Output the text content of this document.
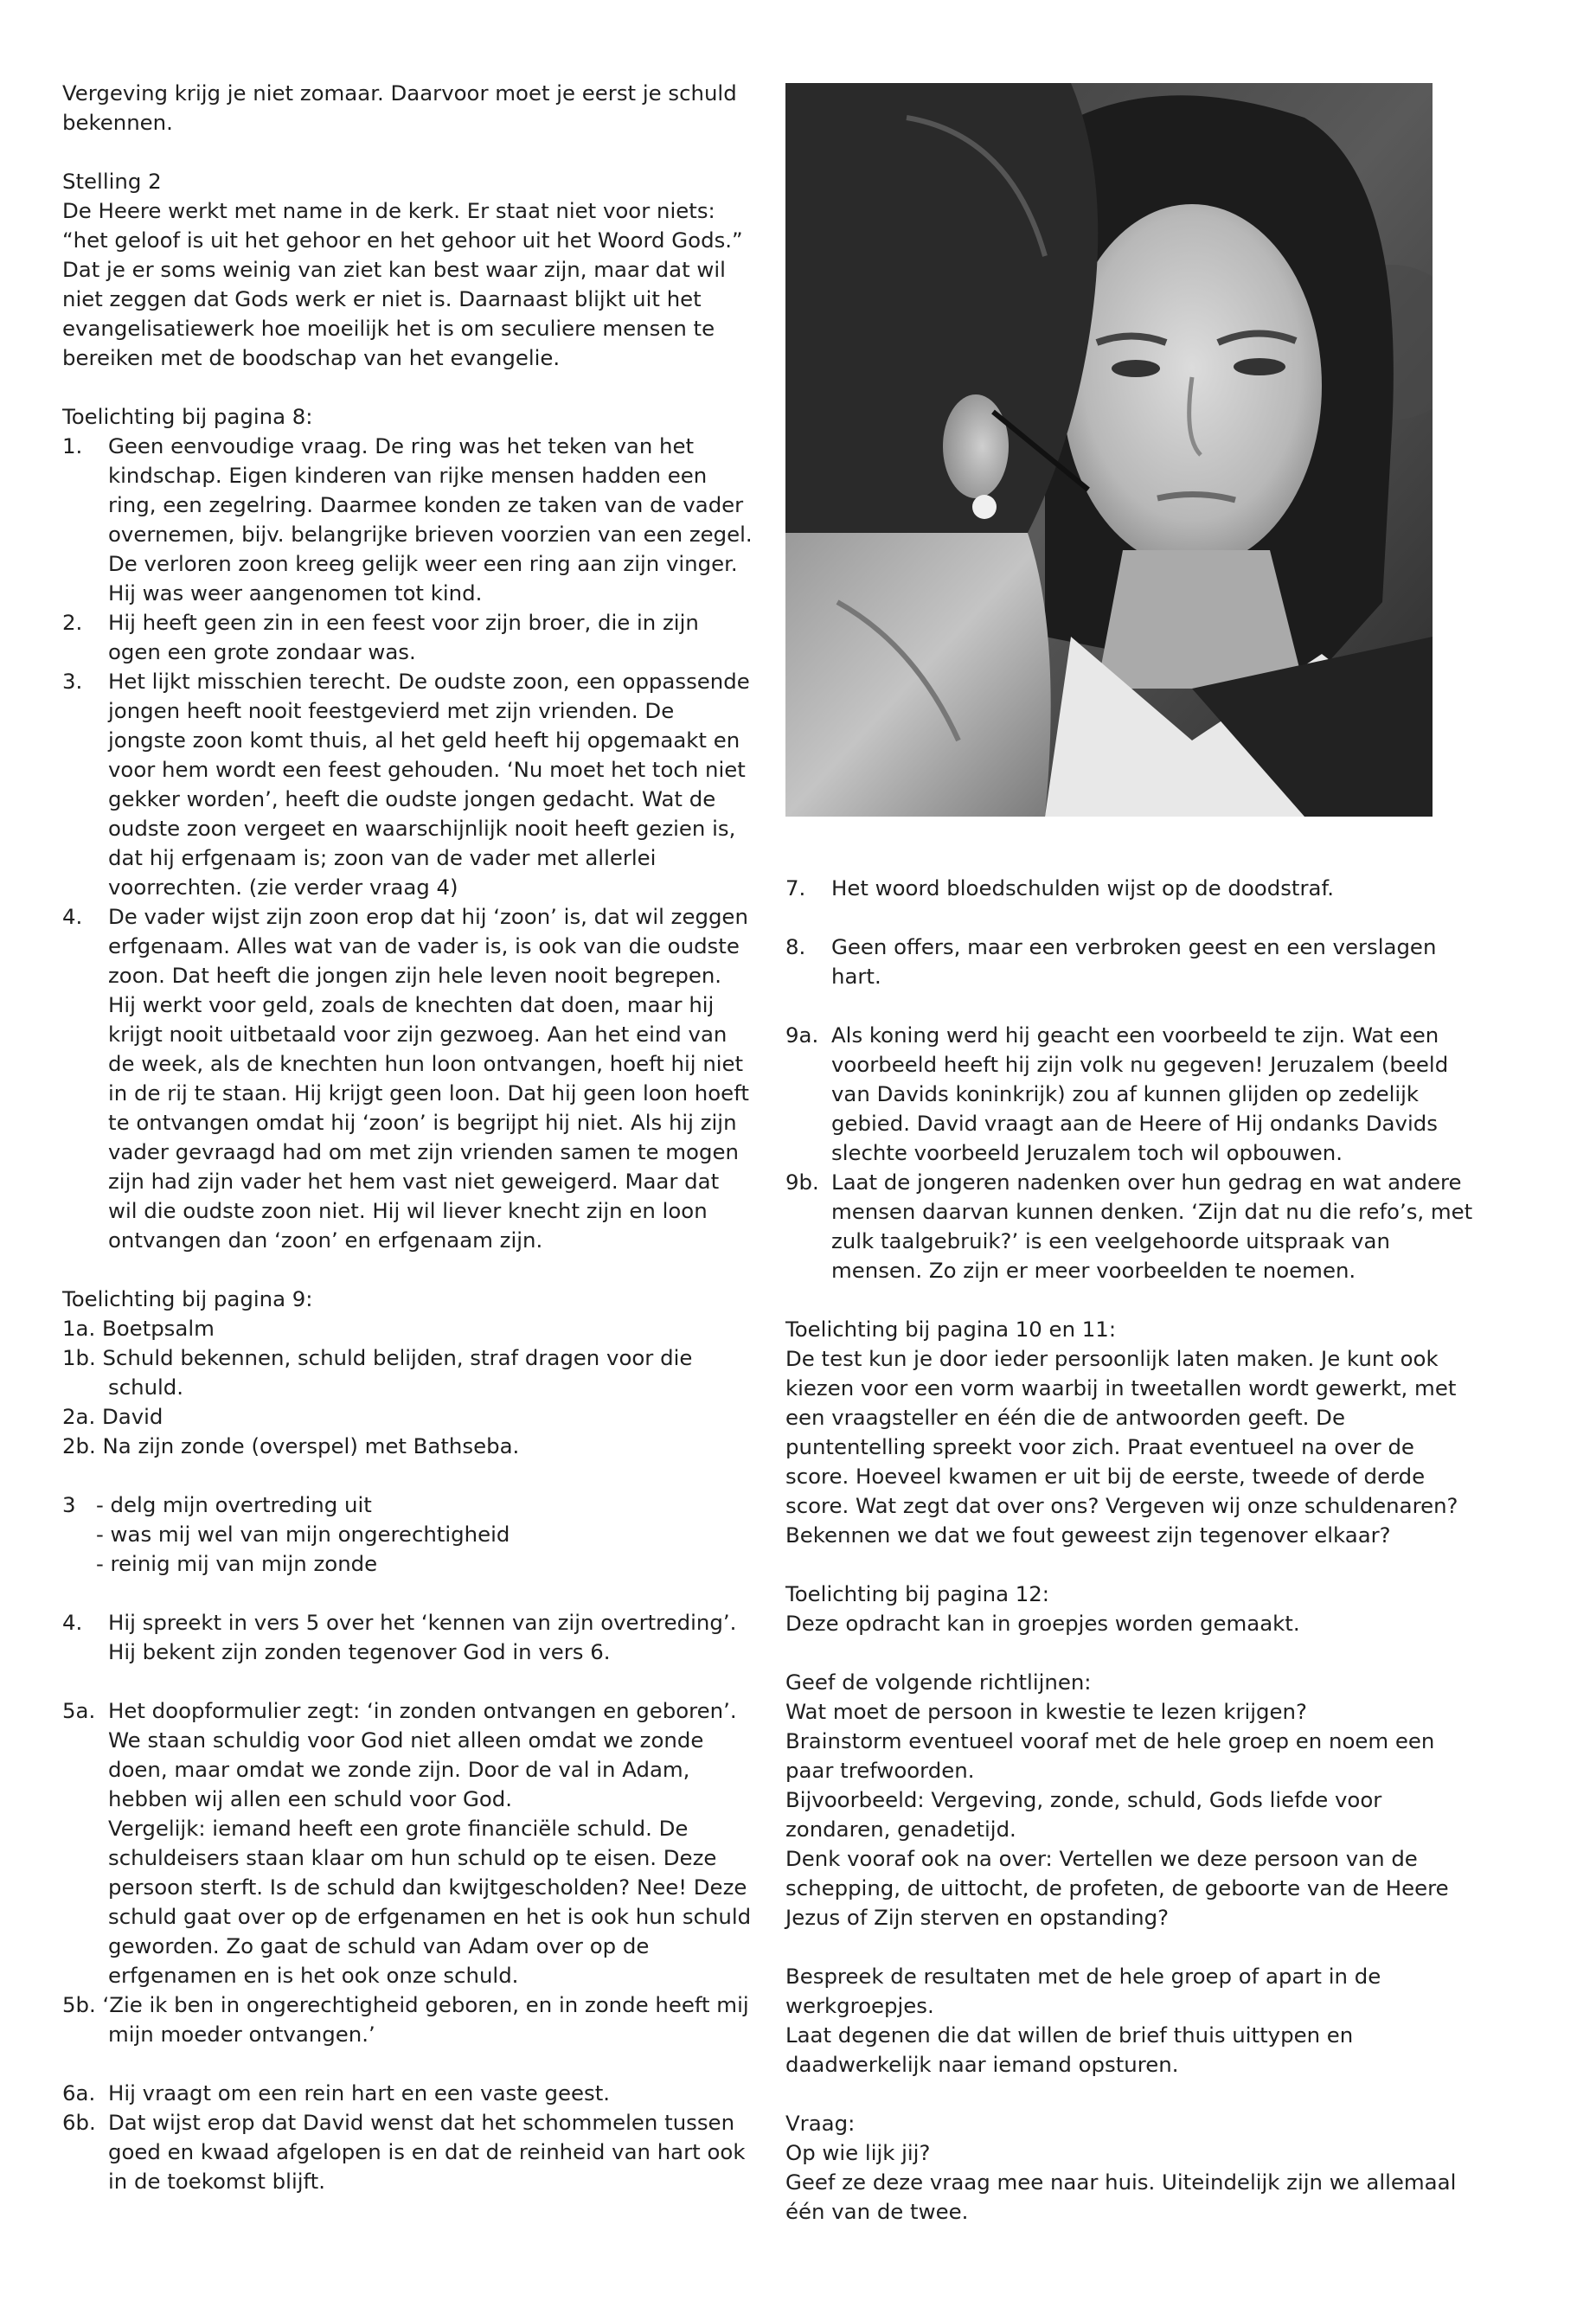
Vergeving krijg je niet zomaar. Daarvoor moet je eerst je schuld bekennen.

Stelling 2

De Heere werkt met name in de kerk. Er staat niet voor niets: “het geloof is uit het gehoor en het gehoor uit het Woord Gods.” Dat je er soms weinig van ziet kan best waar zijn, maar dat wil niet zeggen dat Gods werk er niet is. Daarnaast blijkt uit het evangelisatiewerk hoe moeilijk het is om seculiere mensen te bereiken met de boodschap van het evangelie.

Toelichting bij pagina 8:

1. Geen eenvoudige vraag. De ring was het teken van het kindschap. Eigen kinderen van rijke mensen hadden een ring, een zegelring. Daarmee konden ze taken van de vader overnemen, bijv. belangrijke brieven voorzien van een zegel. De verloren zoon kreeg gelijk weer een ring aan zijn vinger. Hij was weer aangenomen tot kind.
2. Hij heeft geen zin in een feest voor zijn broer, die in zijn ogen een grote zondaar was.
3. Het lijkt misschien terecht. De oudste zoon, een oppassende jongen heeft nooit feestgevierd met zijn vrienden. De jongste zoon komt thuis, al het geld heeft hij opgemaakt en voor hem wordt een feest gehouden. ‘Nu moet het toch niet gekker worden’, heeft die oudste jongen gedacht. Wat de oudste zoon vergeet en waarschijnlijk nooit heeft gezien is, dat hij erfgenaam is; zoon van de vader met allerlei voorrechten. (zie verder vraag 4)
4. De vader wijst zijn zoon erop dat hij ‘zoon’ is, dat wil zeggen erfgenaam. Alles wat van de vader is, is ook van die oudste zoon. Dat heeft die jongen zijn hele leven nooit begrepen. Hij werkt voor geld, zoals de knechten dat doen, maar hij krijgt nooit uitbetaald voor zijn gezwoeg. Aan het eind van de week, als de knechten hun loon ontvangen, hoeft hij niet in de rij te staan. Hij krijgt geen loon. Dat hij geen loon hoeft te ontvangen omdat hij ‘zoon’ is begrijpt hij niet. Als hij zijn vader gevraagd had om met zijn vrienden samen te mogen zijn had zijn vader het hem vast niet geweigerd. Maar dat wil die oudste zoon niet. Hij wil liever knecht zijn en loon ontvangen dan ‘zoon’ en erfgenaam zijn.

Toelichting bij pagina 9:

1a. Boetpsalm

1b. Schuld bekennen, schuld belijden, straf dragen voor die schuld.

2a. David

2b. Na zijn zonde (overspel) met Bathseba.

3 - delg mijn overtreding uit

- was mij wel van mijn ongerechtigheid

- reinig mij van mijn zonde

4. Hij spreekt in vers 5 over het ‘kennen van zijn overtreding’. Hij bekent zijn zonden tegenover God in vers 6.
5a. Het doopformulier zegt: ‘in zonden ontvangen en geboren’. We staan schuldig voor God niet alleen omdat we zonde doen, maar omdat we zonde zijn. Door de val in Adam, hebben wij allen een schuld voor God.

Vergelijk: iemand heeft een grote financiële schuld. De schuldeisers staan klaar om hun schuld op te eisen. Deze persoon sterft. Is de schuld dan kwijtgescholden? Nee! Deze schuld gaat over op de erfgenamen en het is ook hun schuld geworden. Zo gaat de schuld van Adam over op de erfgenamen en is het ook onze schuld.

5b. ‘Zie ik ben in ongerechtigheid geboren, en in zonde heeft mij mijn moeder ontvangen.’

6a. Hij vraagt om een rein hart en een vaste geest.
6b. Dat wijst erop dat David wenst dat het schommelen tussen goed en kwaad afgelopen is en dat de reinheid van hart ook in de toekomst blijft.
7. Het woord bloedschulden wijst op de doodstraf.
8. Geen offers, maar een verbroken geest en een verslagen hart.
9a. Als koning werd hij geacht een voorbeeld te zijn. Wat een voorbeeld heeft hij zijn volk nu gegeven! Jeruzalem (beeld van Davids koninkrijk) zou af kunnen glijden op zedelijk gebied. David vraagt aan de Heere of Hij ondanks Davids slechte voorbeeld Jeruzalem toch wil opbouwen.
9b. Laat de jongeren nadenken over hun gedrag en wat andere mensen daarvan kunnen denken. ‘Zijn dat nu die refo’s, met zulk taalgebruik?’ is een veelgehoorde uitspraak van mensen. Zo zijn er meer voorbeelden te noemen.

Toelichting bij pagina 10 en 11:

De test kun je door ieder persoonlijk laten maken. Je kunt ook kiezen voor een vorm waarbij in tweetallen wordt gewerkt, met een vraagsteller en één die de antwoorden geeft. De puntentelling spreekt voor zich. Praat eventueel na over de score. Hoeveel kwamen er uit bij de eerste, tweede of derde score. Wat zegt dat over ons? Vergeven wij onze schuldenaren? Bekennen we dat we fout geweest zijn tegenover elkaar?

Toelichting bij pagina 12:

Deze opdracht kan in groepjes worden gemaakt.

Geef de volgende richtlijnen:

Wat moet de persoon in kwestie te lezen krijgen?

Brainstorm eventueel vooraf met de hele groep en noem een paar trefwoorden.

Bijvoorbeeld: Vergeving, zonde, schuld, Gods liefde voor zondaren, genadetijd.

Denk vooraf ook na over: Vertellen we deze persoon van de schepping, de uittocht, de profeten, de geboorte van de Heere Jezus of Zijn sterven en opstanding?

Bespreek de resultaten met de hele groep of apart in de werkgroepjes.

Laat degenen die dat willen de brief thuis uittypen en daadwerkelijk naar iemand opsturen.

Vraag:

Op wie lijk jij?

Geef ze deze vraag mee naar huis. Uiteindelijk zijn we allemaal één van de twee.
